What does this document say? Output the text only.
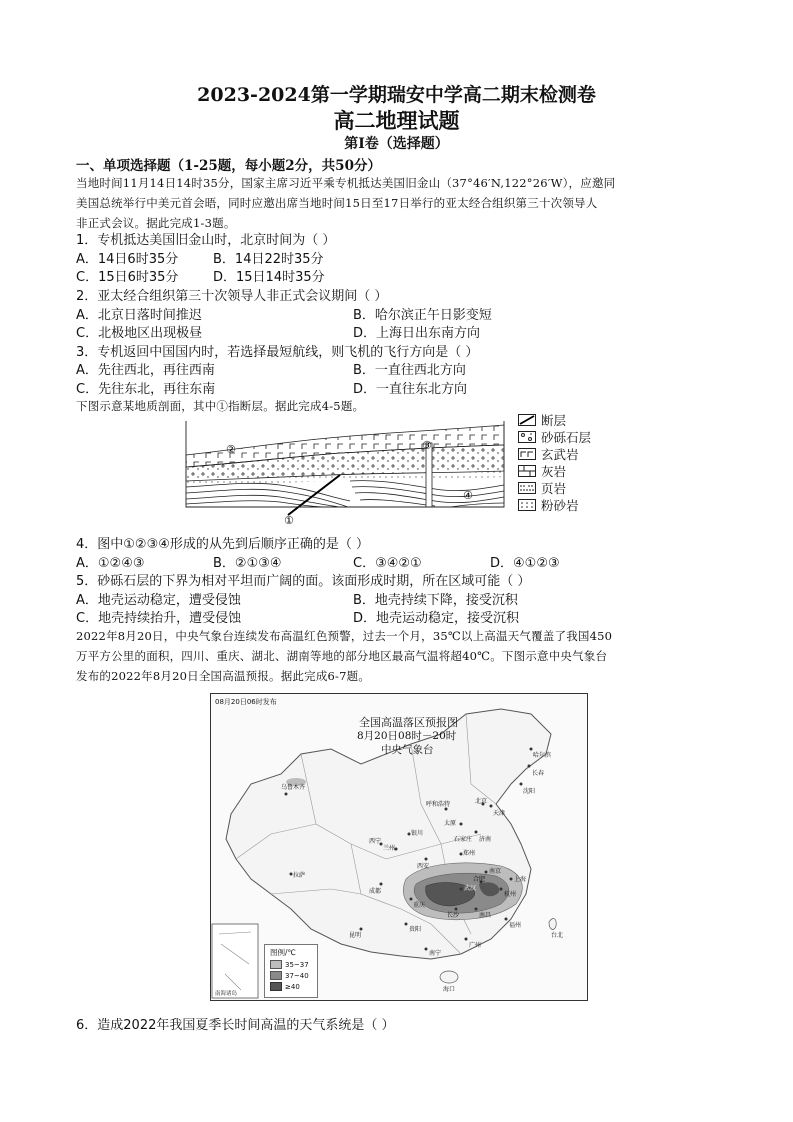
2023-2024第一学期瑞安中学高二期末检测卷
高二地理试题
第Ⅰ卷（选择题）
一、单项选择题（1-25题，每小题2分，共50分）
当地时间11月14日14时35分，国家主席习近平乘专机抵达美国旧金山（37°46′N,122°26′W），应邀同
美国总统举行中美元首会晤，同时应邀出席当地时间15日至17日举行的亚太经合组织第三十次领导人
非正式会议。据此完成1-3题。
1．专机抵达美国旧金山时，北京时间为（ ）
A．14日6时35分	B．14日22时35分
C．15日6时35分	D．15日14时35分
2．亚太经合组织第三十次领导人非正式会议期间（ ）
A．北京日落时间推迟	B．哈尔滨正午日影变短
C．北极地区出现极昼	D．上海日出东南方向
3．专机返回中国国内时，若选择最短航线，则飞机的飞行方向是（ ）
A．先往西北，再往西南	B．一直往西北方向
C．先往东北，再往东南	D．一直往东北方向
下图示意某地质剖面，其中①指断层。据此完成4-5题。
②	③
④
①
断层
砂砾石层
玄武岩
灰岩
页岩
粉砂岩
4．图中①②③④形成的从先到后顺序正确的是（ ）
A．①②④③	B．②①③④	C．③④②①	D．④①②③
5．砂砾石层的下界为相对平坦而广阔的面。该面形成时期，所在区域可能（ ）
A．地壳运动稳定，遭受侵蚀	B．地壳持续下降，接受沉积
C．地壳持续抬升，遭受侵蚀	D．地壳运动稳定，接受沉积
2022年8月20日，中央气象台连续发布高温红色预警，过去一个月，35℃以上高温天气覆盖了我国450
万平方公里的面积，四川、重庆、湖北、湖南等地的部分地区最高气温将超40℃。下图示意中央气象台
发布的2022年8月20日全国高温预报。据此完成6-7题。
08月20日06时发布
全国高温落区预报图
8月20日08时－20时
中央气象台
乌鲁木齐
拉萨
成都
重庆
贵阳
昆明
南宁
海口
武汉
长沙	南昌
上海
杭州
福州
南京
合肥
郑州
西安
兰州
西宁
银川
呼和浩特
太原
石家庄 济南
北京
天津
沈阳
长春
哈尔滨
广州
台北
南海诸岛
图例/℃
35~37
37~40
≥40
6．造成2022年我国夏季长时间高温的天气系统是（ ）
